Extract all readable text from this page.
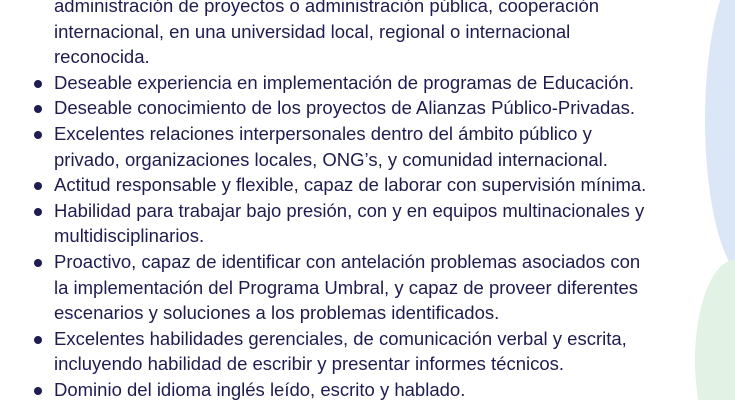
administración de proyectos o administración pública, cooperación

internacional, en una universidad local, regional o internacional

reconocida.

Deseable experiencia en implementación de programas de Educación.

Deseable conocimiento de los proyectos de Alianzas Público-Privadas.

Excelentes relaciones interpersonales dentro del ámbito público y

privado, organizaciones locales, ONG’s, y comunidad internacional.

Actitud responsable y flexible, capaz de laborar con supervisión mínima.

Habilidad para trabajar bajo presión, con y en equipos multinacionales y

multidisciplinarios.

Proactivo, capaz de identificar con antelación problemas asociados con

la implementación del Programa Umbral, y capaz de proveer diferentes

escenarios y soluciones a los problemas identificados.

Excelentes habilidades gerenciales, de comunicación verbal y escrita,

incluyendo habilidad de escribir y presentar informes técnicos.

Dominio del idioma inglés leído, escrito y hablado.
